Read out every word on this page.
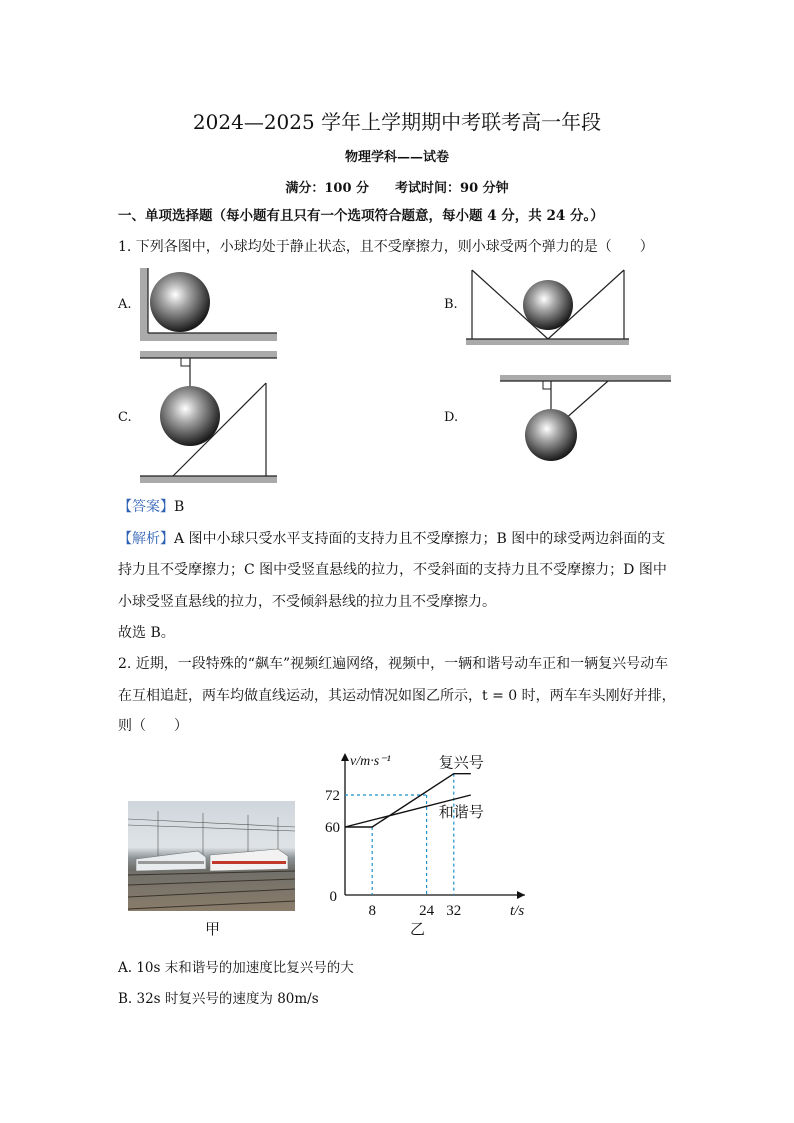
2024—2025 学年上学期期中考联考高一年段
物理学科——试卷
满分：100 分　　考试时间：90 分钟
一、单项选择题（每小题有且只有一个选项符合题意，每小题 4 分，共 24 分。）
1. 下列各图中，小球均处于静止状态，且不受摩擦力，则小球受两个弹力的是（　　）
A.	B.
C.	D.
【答案】B
【解析】A 图中小球只受水平支持面的支持力且不受摩擦力；B 图中的球受两边斜面的支
持力且不受摩擦力；C 图中受竖直悬线的拉力，不受斜面的支持力且不受摩擦力；D 图中
小球受竖直悬线的拉力，不受倾斜悬线的拉力且不受摩擦力。
故选 B。
2. 近期，一段特殊的“飙车”视频红遍网络，视频中，一辆和谐号动车正和一辆复兴号动车
在互相追赶，两车均做直线运动，其运动情况如图乙所示，t = 0 时，两车车头刚好并排，
则（　　）
甲
复兴号
和谐号
8	24 32
60
72
0
v/m·s⁻¹
t/s
乙
A. 10s 末和谐号的加速度比复兴号的大
B. 32s 时复兴号的速度为 80m/s
